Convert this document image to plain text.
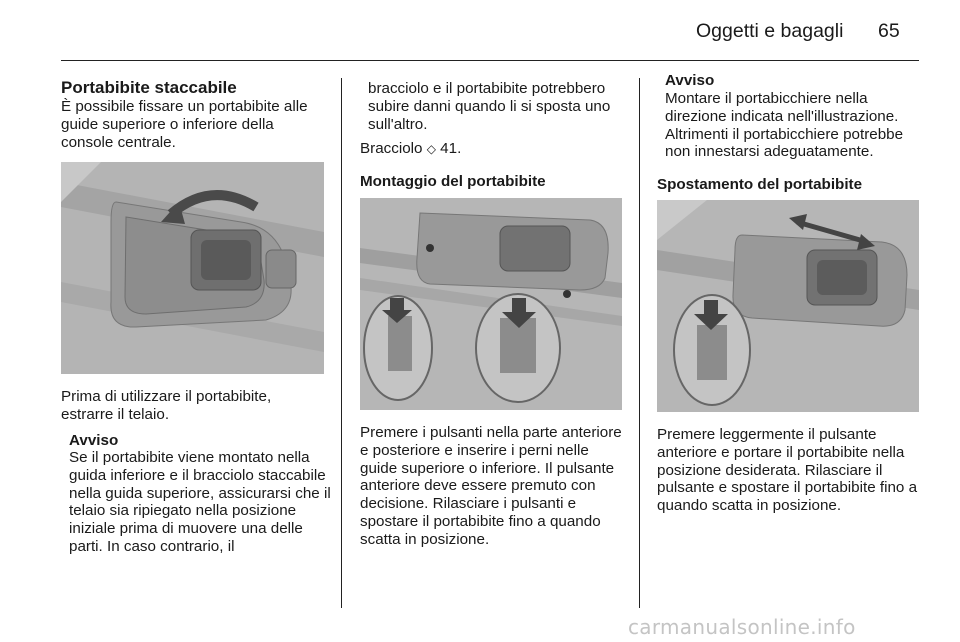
Oggetti e bagagli 65
Portabibite staccabile

È possibile fissare un portabibite alle guide superiore o inferiore della console centrale.

Prima di utilizzare il portabibite, estrarre il telaio.

Avviso

Se il portabibite viene montato nella guida inferiore e il bracciolo staccabile nella guida superiore, assicurarsi che il telaio sia ripiegato nella posizione iniziale prima di muovere una delle parti. In caso contrario, il

bracciolo e il portabibite potrebbero subire danni quando li si sposta uno sull'altro.

Bracciolo ◇ 41.
Montaggio del portabibite

Premere i pulsanti nella parte anteriore e posteriore e inserire i perni nelle guide superiore o inferiore. Il pulsante anteriore deve essere premuto con decisione. Rilasciare i pulsanti e spostare il portabibite fino a quando scatta in posizione.

Avviso

Montare il portabicchiere nella direzione indicata nell'illustrazione. Altrimenti il portabicchiere potrebbe non innestarsi adeguatamente.

Spostamento del portabibite

Premere leggermente il pulsante anteriore e portare il portabibite nella posizione desiderata. Rilasciare il pulsante e spostare il portabibite fino a quando scatta in posizione.

carmanualsonline.info
